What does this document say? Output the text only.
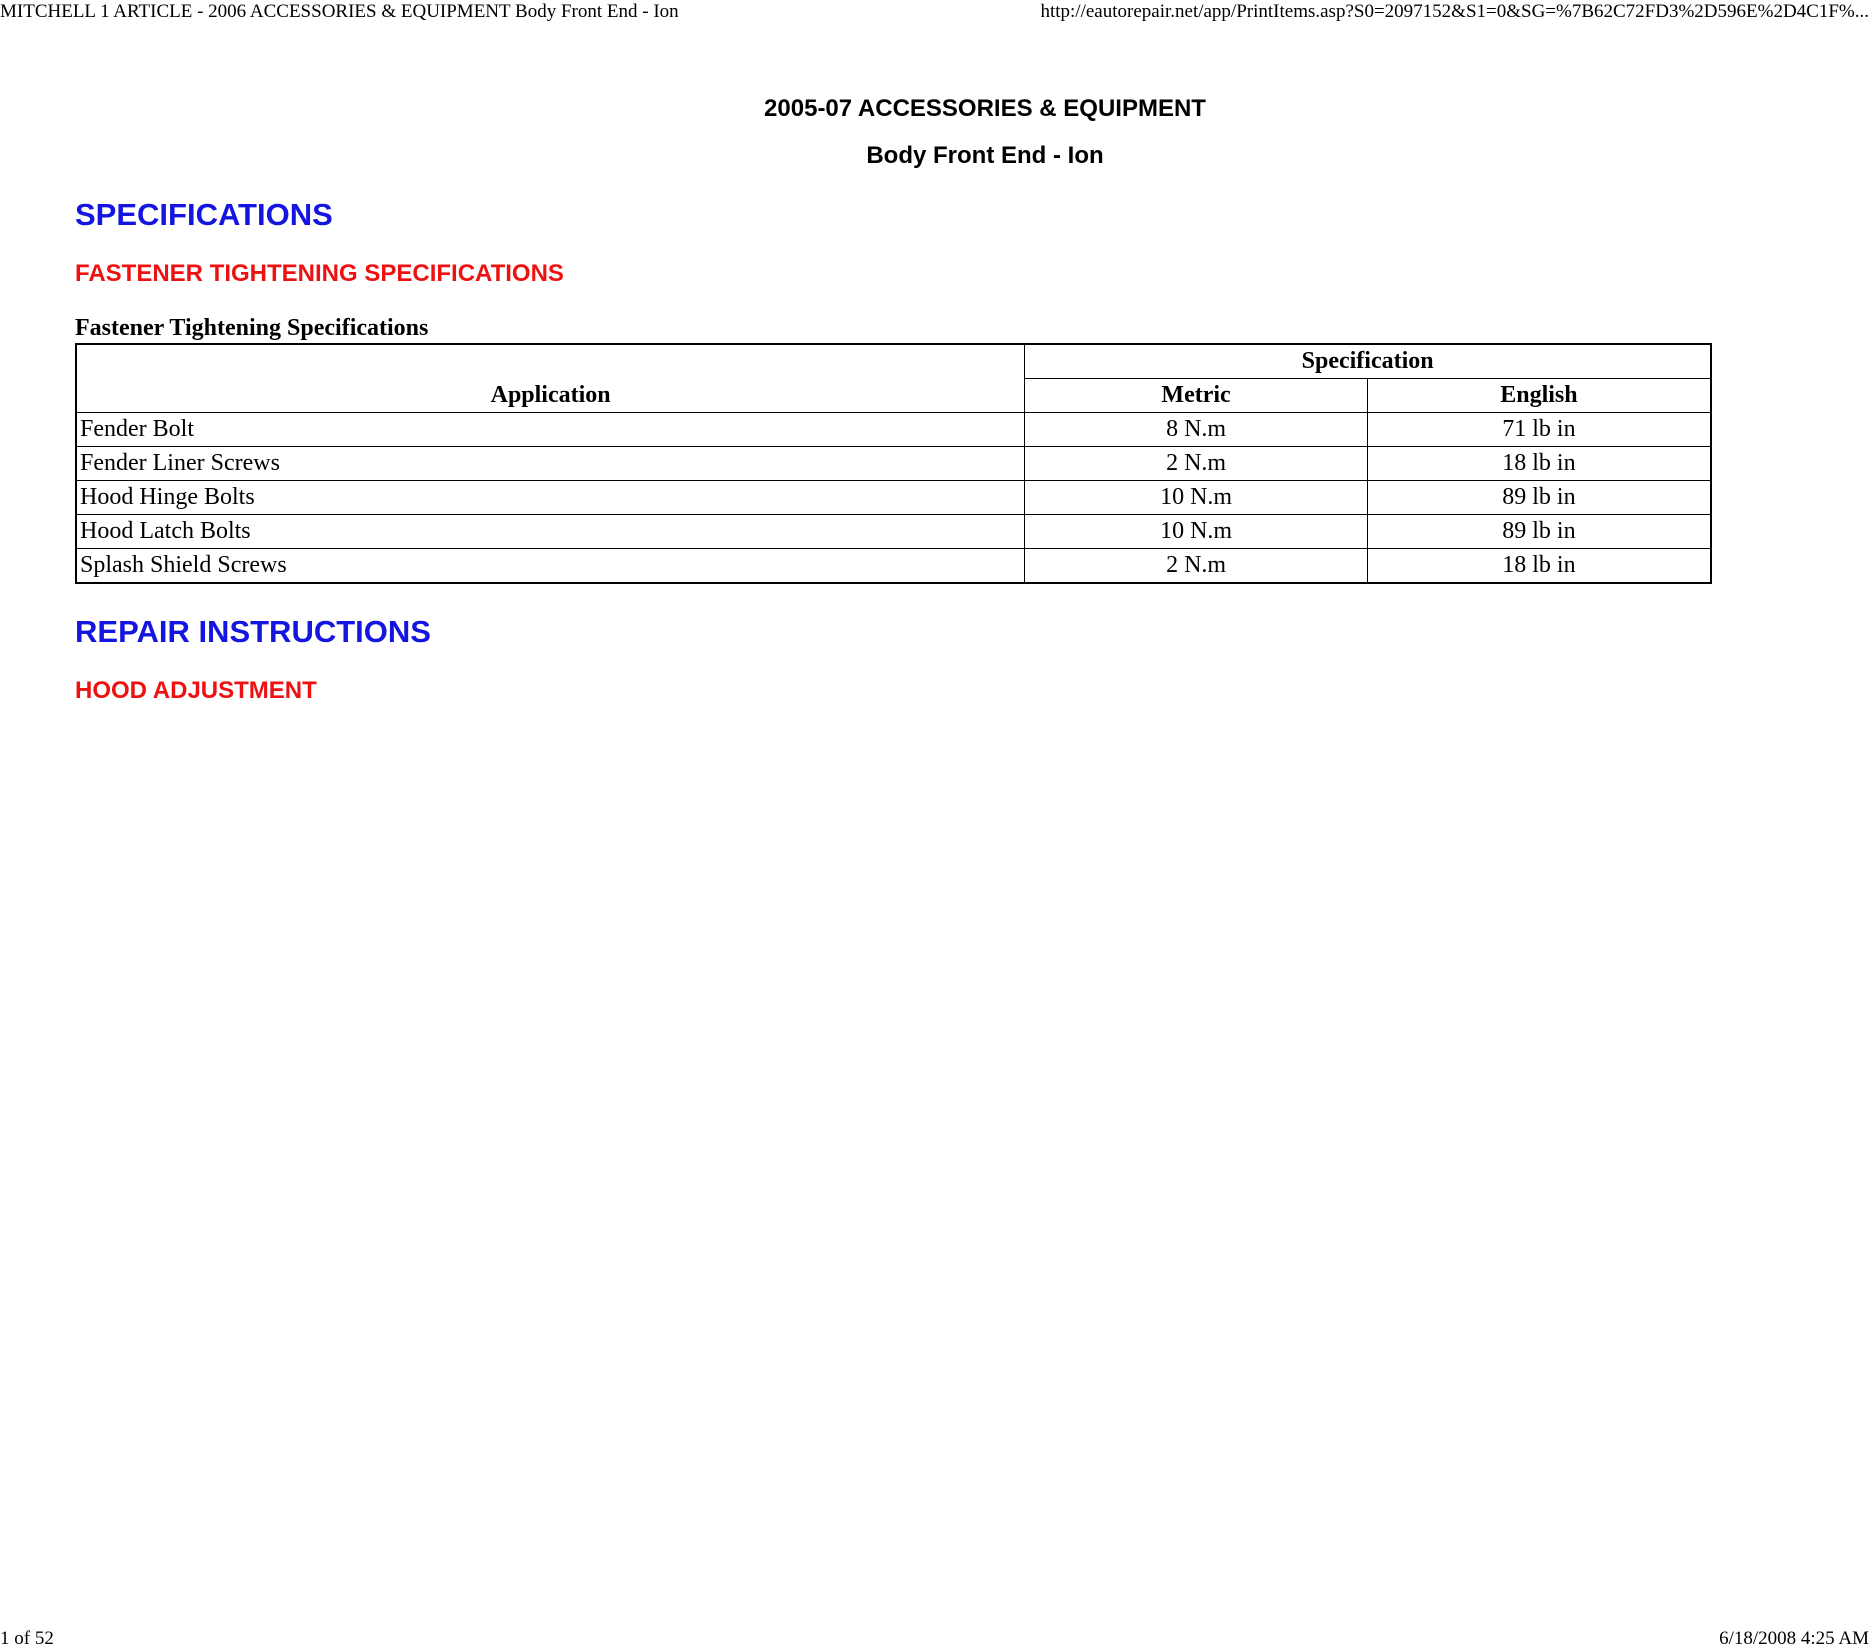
MITCHELL 1 ARTICLE - 2006 ACCESSORIES & EQUIPMENT Body Front End - Ion	http://eautorepair.net/app/PrintItems.asp?S0=2097152&S1=0&SG=%7B62C72FD3%2D596E%2D4C1F%...
2005-07 ACCESSORIES & EQUIPMENT
Body Front End - Ion
SPECIFICATIONS
FASTENER TIGHTENING SPECIFICATIONS
Fastener Tightening Specifications
Application	Specification	
	Metric	English
Fender Bolt	8 N.m	71 lb in
Fender Liner Screws	2 N.m	18 lb in
Hood Hinge Bolts	10 N.m	89 lb in
Hood Latch Bolts	10 N.m	89 lb in
Splash Shield Screws	2 N.m	18 lb in
REPAIR INSTRUCTIONS
HOOD ADJUSTMENT
1 of 52	6/18/2008 4:25 AM
